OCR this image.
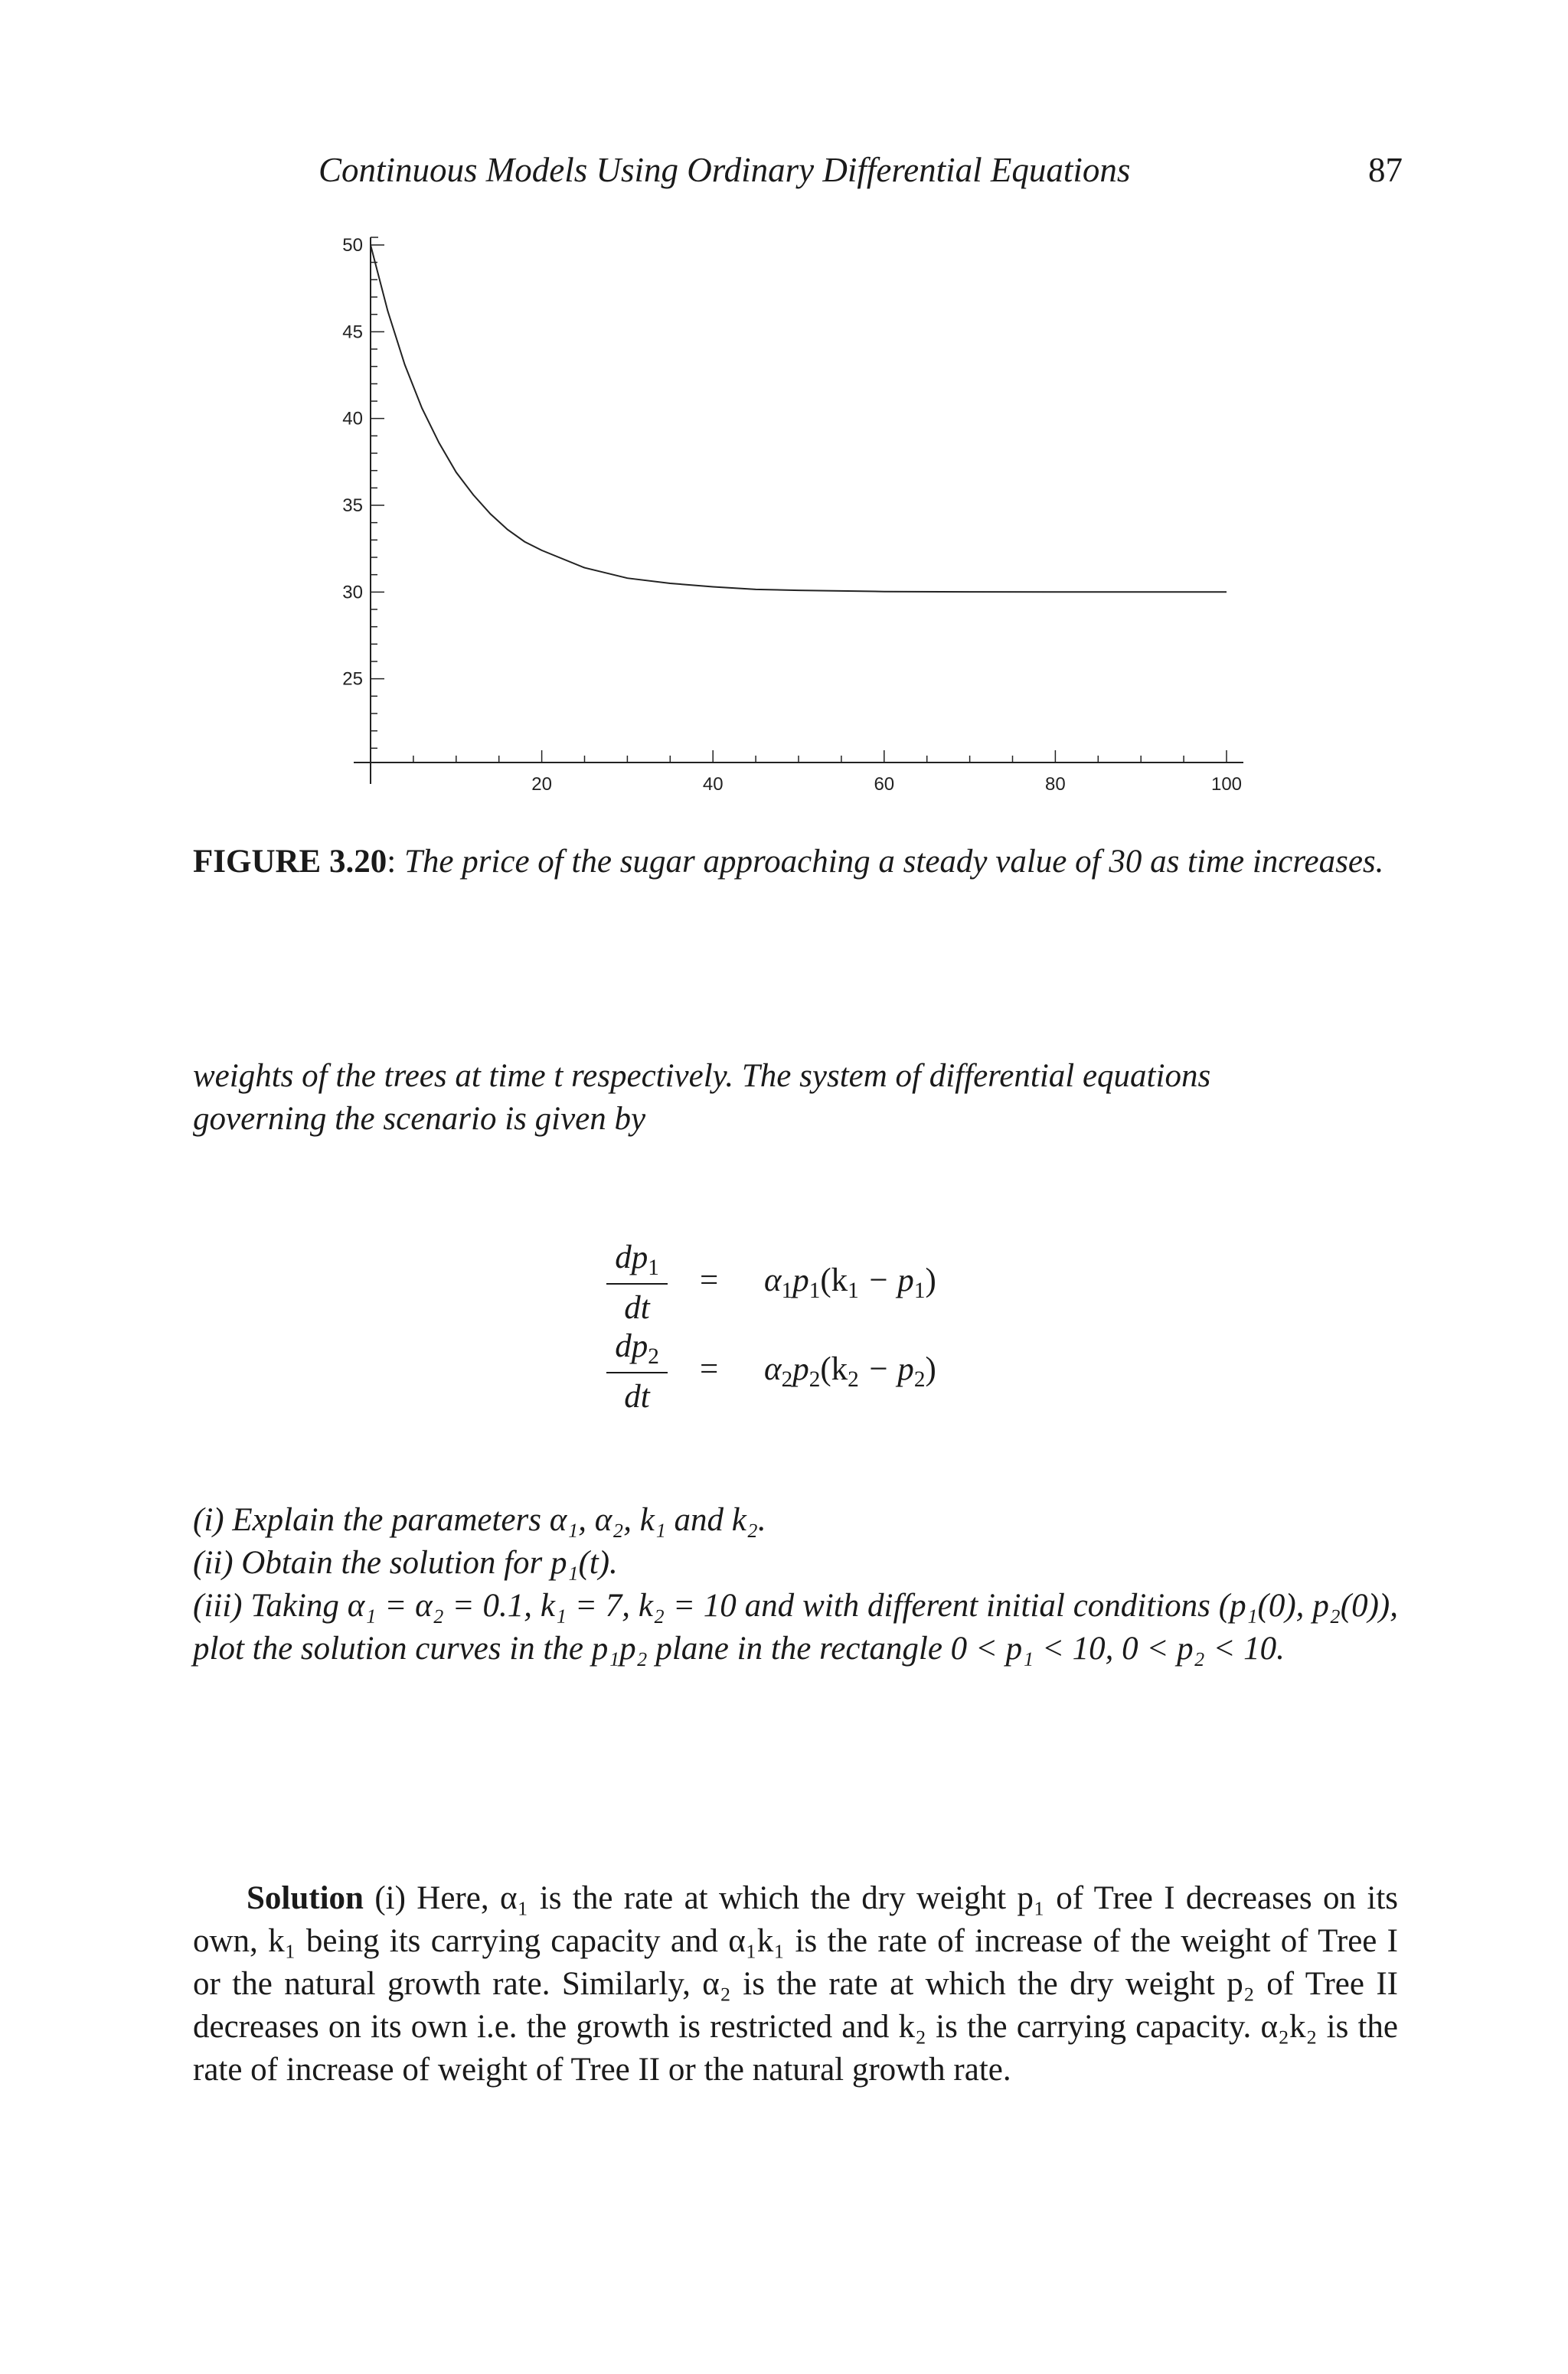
Continuous Models Using Ordinary Differential Equations	87
25
30
35
40
45
50
20	40	60	80	100
FIGURE 3.20: The price of the sugar approaching a steady value of 30 as time increases.
weights of the trees at time t respectively. The system of differential equations
governing the scenario is given by
$dp_1$
dt
= $\alpha_1p_1(k_1 - p_1)$
$dp_2$
dt
= $\alpha_2p_2(k_2 - p_2)$
(i) Explain the parameters α₁, α₂, k₁ and k₂.
(ii) Obtain the solution for p₁(t).
(iii) Taking α₁ = α₂ = 0.1, k₁ = 7, k₂ = 10 and with different initial conditions (p₁(0), p₂(0)), plot the solution curves in the p₁p₂ plane in the rectangle 0 < p₁ < 10, 0 < p₂ < 10.
Solution (i) Here, α₁ is the rate at which the dry weight p₁ of Tree I decreases on its own, k₁ being its carrying capacity and α₁k₁ is the rate of increase of the weight of Tree I or the natural growth rate. Similarly, α₂ is the rate at which the dry weight p₂ of Tree II decreases on its own i.e. the growth is restricted and k₂ is the carrying capacity. α₂k₂ is the rate of increase of weight of Tree II or the natural growth rate.
